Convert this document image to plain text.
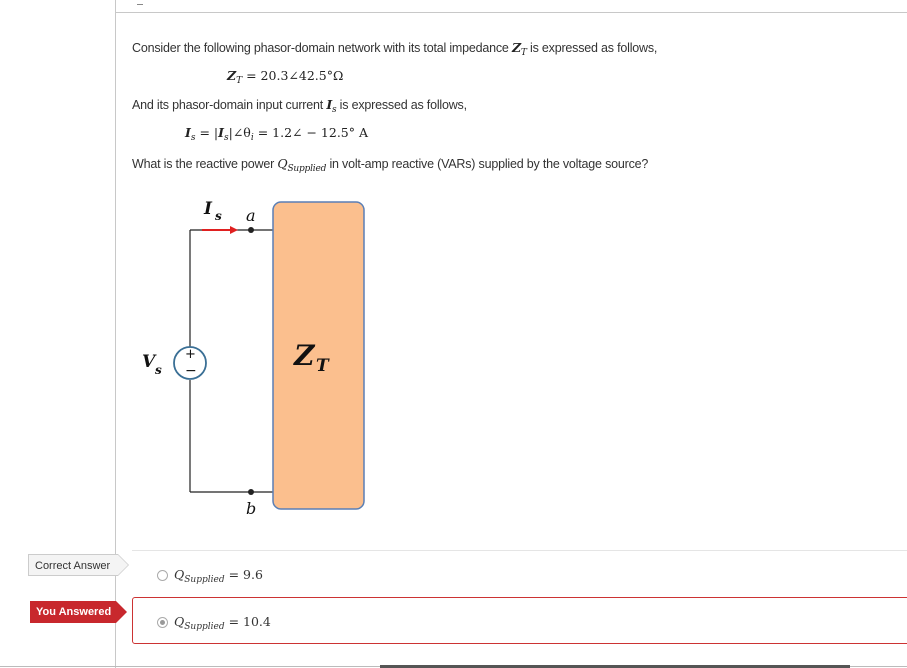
Consider the following phasor-domain network with its total impedance $Z_T$ is expressed as follows,
$Z_T$ = 20.3∠42.5°Ω
And its phasor-domain input current $I_s$ is expressed as follows,
$I_s$ = $|I_s|\angle\theta_i$ = 1.2∠ − 12.5° A
What is the reactive power $Q_{Supplied}$ in volt-amp reactive (VARs) supplied by the voltage source?
I s a
b
+
−
V s	Z T
Correct Answer
$Q_{Supplied} = 9.6$
You Answered
$Q_{Supplied} = 10.4$
